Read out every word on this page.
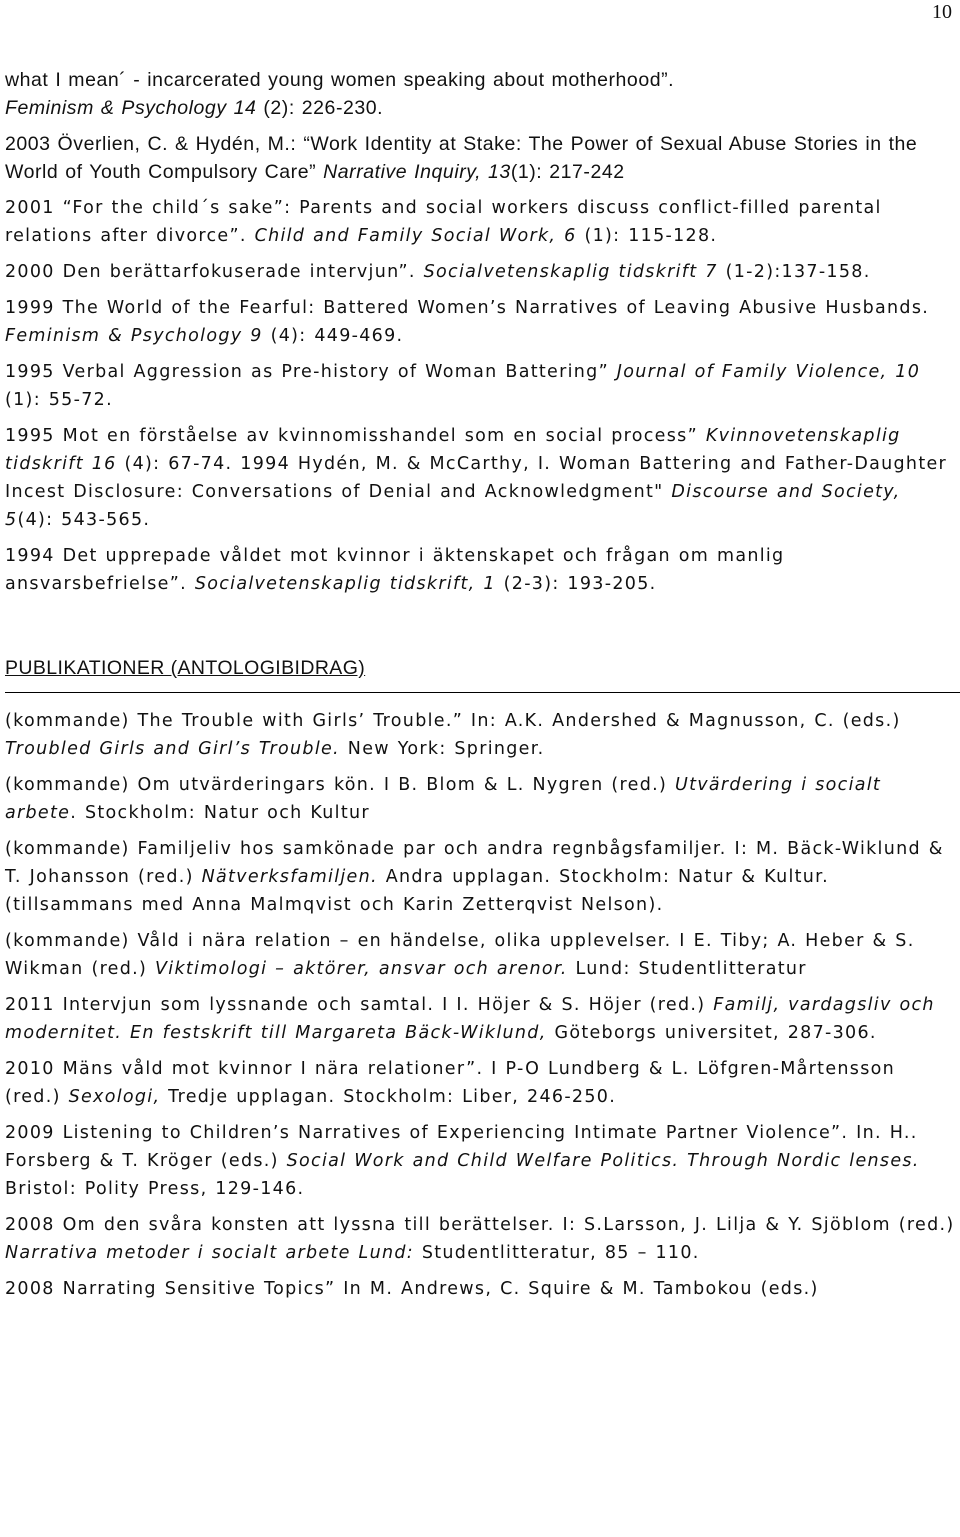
10

what I mean´ - incarcerated young women speaking about motherhood”.
Feminism & Psychology 14 (2): 226-230.

2003 Överlien, C. & Hydén, M.: “Work Identity at Stake: The Power of Sexual Abuse Stories in the World of Youth Compulsory Care” Narrative Inquiry, 13(1): 217-242

2001 “For the child´s sake”: Parents and social workers discuss conflict-filled parental relations after divorce”. Child and Family Social Work, 6 (1): 115-128.

2000 Den berättarfokuserade intervjun”. Socialvetenskaplig tidskrift 7 (1-2):137-158.

1999 The World of the Fearful: Battered Women’s Narratives of Leaving Abusive Husbands. Feminism & Psychology 9 (4): 449-469.

1995 Verbal Aggression as Pre-history of Woman Battering” Journal of Family Violence, 10 (1): 55-72.

1995 Mot en förståelse av kvinnomisshandel som en social process” Kvinnovetenskaplig tidskrift 16 (4): 67-74. 1994 Hydén, M. & McCarthy, I. Woman Battering and Father-Daughter Incest Disclosure: Conversations of Denial and Acknowledgment" Discourse and Society, 5(4): 543-565.

1994 Det upprepade våldet mot kvinnor i äktenskapet och frågan om manlig ansvarsbefrielse”. Socialvetenskaplig tidskrift, 1 (2-3): 193-205.

PUBLIKATIONER (ANTOLOGIBIDRAG)

(kommande) The Trouble with Girls’ Trouble.” In: A.K. Andershed & Magnusson, C. (eds.) Troubled Girls and Girl’s Trouble. New York: Springer.

(kommande) Om utvärderingars kön. I B. Blom & L. Nygren (red.) Utvärdering i socialt arbete. Stockholm: Natur och Kultur

(kommande) Familjeliv hos samkönade par och andra regnbågsfamiljer. I: M. Bäck-Wiklund & T. Johansson (red.) Nätverksfamiljen. Andra upplagan. Stockholm: Natur & Kultur. (tillsammans med Anna Malmqvist och Karin Zetterqvist Nelson).

(kommande) Våld i nära relation – en händelse, olika upplevelser. I E. Tiby; A. Heber & S. Wikman (red.) Viktimologi – aktörer, ansvar och arenor. Lund: Studentlitteratur

2011 Intervjun som lyssnande och samtal. I I. Höjer & S. Höjer (red.) Familj, vardagsliv och modernitet. En festskrift till Margareta Bäck-Wiklund, Göteborgs universitet, 287-306.

2010 Mäns våld mot kvinnor I nära relationer”. I P-O Lundberg & L. Löfgren-Mårtensson (red.) Sexologi, Tredje upplagan. Stockholm: Liber, 246-250.

2009 Listening to Children’s Narratives of Experiencing Intimate Partner Violence”. In. H.. Forsberg & T. Kröger (eds.) Social Work and Child Welfare Politics. Through Nordic lenses. Bristol: Polity Press, 129-146.

2008 Om den svåra konsten att lyssna till berättelser. I: S.Larsson, J. Lilja & Y. Sjöblom (red.) Narrativa metoder i socialt arbete Lund: Studentlitteratur, 85 – 110.

2008 Narrating Sensitive Topics” In M. Andrews, C. Squire & M. Tambokou (eds.)
